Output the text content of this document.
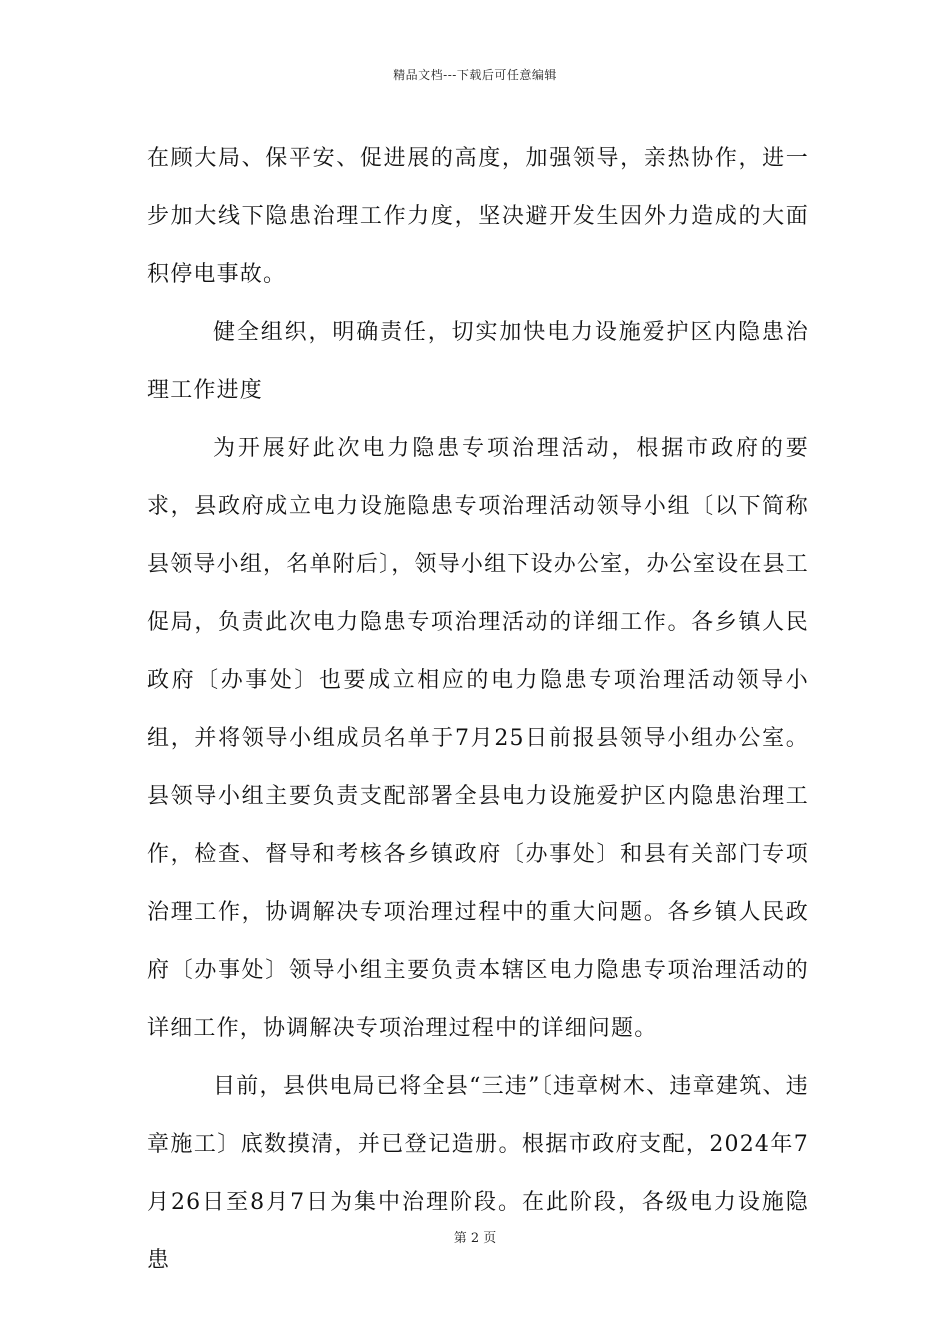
精品文档---下载后可任意编辑

在顾大局、保平安、促进展的高度，加强领导，亲热协作，进一步加大线下隐患治理工作力度，坚决避开发生因外力造成的大面积停电事故。

健全组织，明确责任，切实加快电力设施爱护区内隐患治理工作进度

为开展好此次电力隐患专项治理活动，根据市政府的要求，县政府成立电力设施隐患专项治理活动领导小组〔以下简称县领导小组，名单附后〕，领导小组下设办公室，办公室设在县工促局，负责此次电力隐患专项治理活动的详细工作。各乡镇人民政府〔办事处〕也要成立相应的电力隐患专项治理活动领导小组，并将领导小组成员名单于7月25日前报县领导小组办公室。县领导小组主要负责支配部署全县电力设施爱护区内隐患治理工作，检查、督导和考核各乡镇政府〔办事处〕和县有关部门专项治理工作，协调解决专项治理过程中的重大问题。各乡镇人民政府〔办事处〕领导小组主要负责本辖区电力隐患专项治理活动的详细工作，协调解决专项治理过程中的详细问题。

目前，县供电局已将全县“三违”〔违章树木、违章建筑、违章施工〕底数摸清，并已登记造册。根据市政府支配，2024年7月26日至8月7日为集中治理阶段。在此阶段，各级电力设施隐患

第 2 页
